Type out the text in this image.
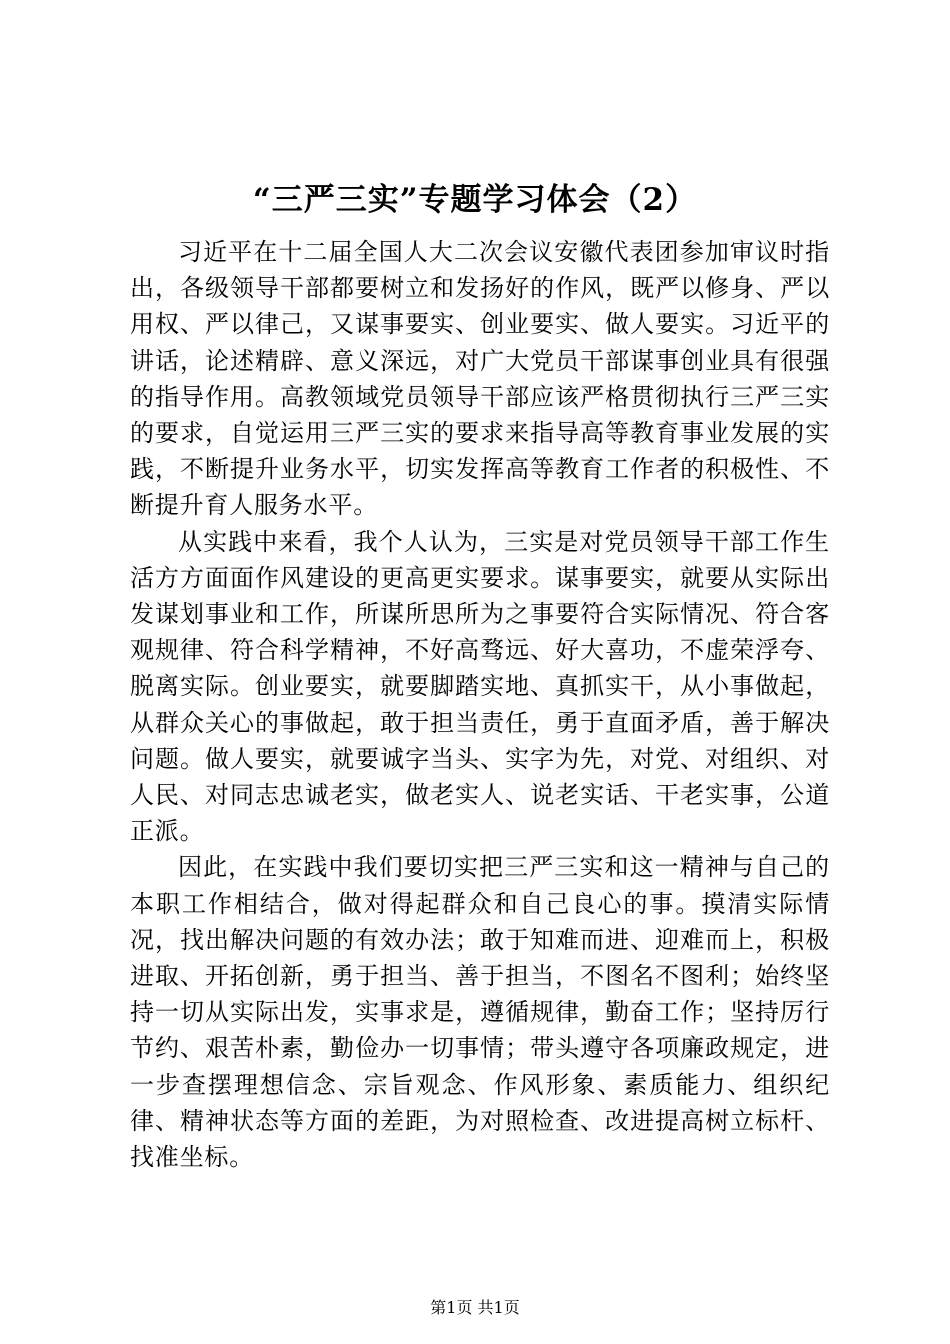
“三严三实”专题学习体会（2）

习近平在十二届全国人大二次会议安徽代表团参加审议时指出，各级领导干部都要树立和发扬好的作风，既严以修身、严以用权、严以律己，又谋事要实、创业要实、做人要实。习近平的讲话，论述精辟、意义深远，对广大党员干部谋事创业具有很强的指导作用。高教领域党员领导干部应该严格贯彻执行三严三实的要求，自觉运用三严三实的要求来指导高等教育事业发展的实践，不断提升业务水平，切实发挥高等教育工作者的积极性、不断提升育人服务水平。

从实践中来看，我个人认为，三实是对党员领导干部工作生活方方面面作风建设的更高更实要求。谋事要实，就要从实际出发谋划事业和工作，所谋所思所为之事要符合实际情况、符合客观规律、符合科学精神，不好高骛远、好大喜功，不虚荣浮夸、脱离实际。创业要实，就要脚踏实地、真抓实干，从小事做起，从群众关心的事做起，敢于担当责任，勇于直面矛盾，善于解决问题。做人要实，就要诚字当头、实字为先，对党、对组织、对人民、对同志忠诚老实，做老实人、说老实话、干老实事，公道正派。

因此，在实践中我们要切实把三严三实和这一精神与自己的本职工作相结合，做对得起群众和自己良心的事。摸清实际情况，找出解决问题的有效办法；敢于知难而进、迎难而上，积极进取、开拓创新，勇于担当、善于担当，不图名不图利；始终坚持一切从实际出发，实事求是，遵循规律，勤奋工作；坚持厉行节约、艰苦朴素，勤俭办一切事情；带头遵守各项廉政规定，进一步查摆理想信念、宗旨观念、作风形象、素质能力、组织纪律、精神状态等方面的差距，为对照检查、改进提高树立标杆、找准坐标。

第1页 共1页
